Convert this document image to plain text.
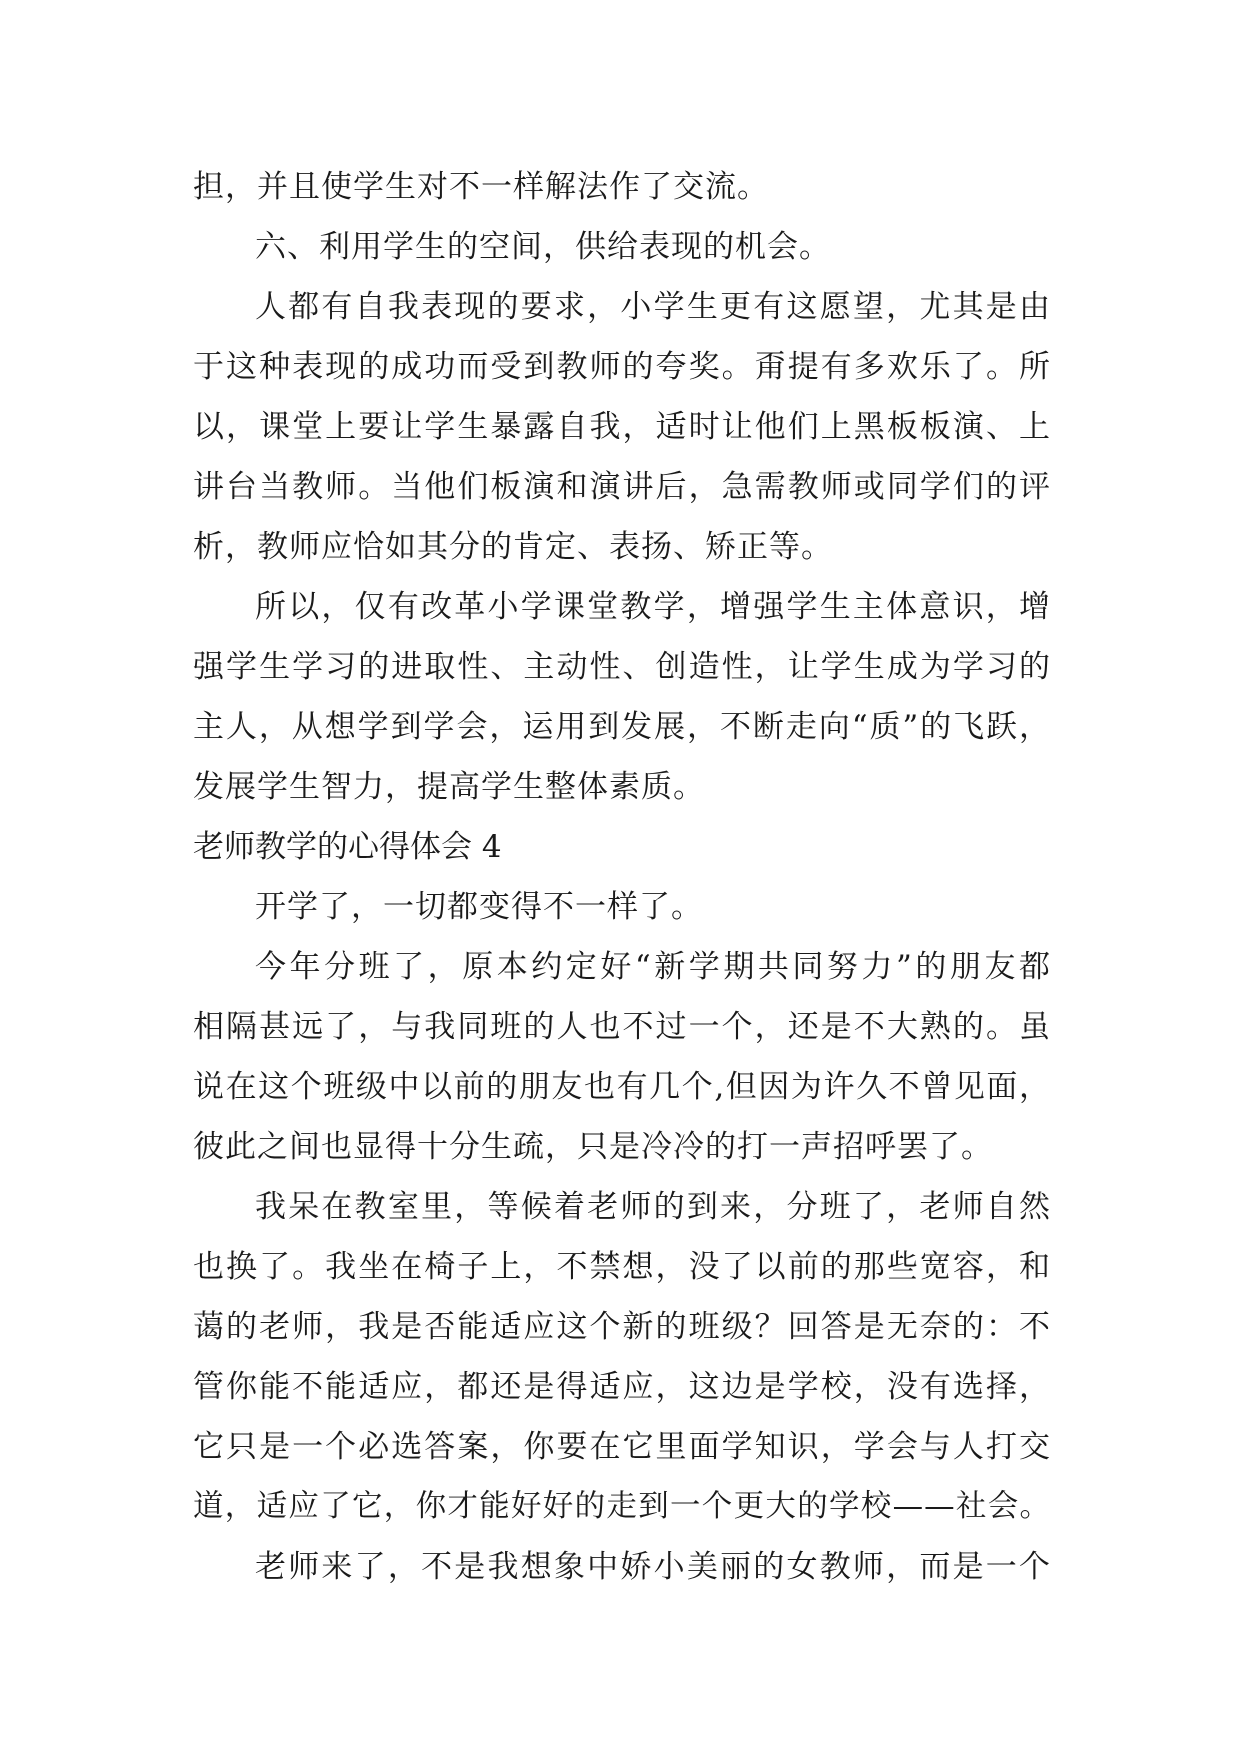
担，并且使学生对不一样解法作了交流。
六、利用学生的空间，供给表现的机会。
人都有自我表现的要求，小学生更有这愿望，尤其是由
于这种表现的成功而受到教师的夸奖。甭提有多欢乐了。所
以，课堂上要让学生暴露自我，适时让他们上黑板板演、上
讲台当教师。当他们板演和演讲后，急需教师或同学们的评
析，教师应恰如其分的肯定、表扬、矫正等。
所以，仅有改革小学课堂教学，增强学生主体意识，增
强学生学习的进取性、主动性、创造性，让学生成为学习的
主人，从想学到学会，运用到发展，不断走向“质”的飞跃，
发展学生智力，提高学生整体素质。
老师教学的心得体会 4
开学了，一切都变得不一样了。
今年分班了，原本约定好“新学期共同努力”的朋友都
相隔甚远了，与我同班的人也不过一个，还是不大熟的。虽
说在这个班级中以前的朋友也有几个,但因为许久不曾见面，
彼此之间也显得十分生疏，只是冷冷的打一声招呼罢了。
我呆在教室里，等候着老师的到来，分班了，老师自然
也换了。我坐在椅子上，不禁想，没了以前的那些宽容，和
蔼的老师，我是否能适应这个新的班级？回答是无奈的：不
管你能不能适应，都还是得适应，这边是学校，没有选择，
它只是一个必选答案，你要在它里面学知识，学会与人打交
道，适应了它，你才能好好的走到一个更大的学校——社会。
老师来了，不是我想象中娇小美丽的女教师，而是一个
